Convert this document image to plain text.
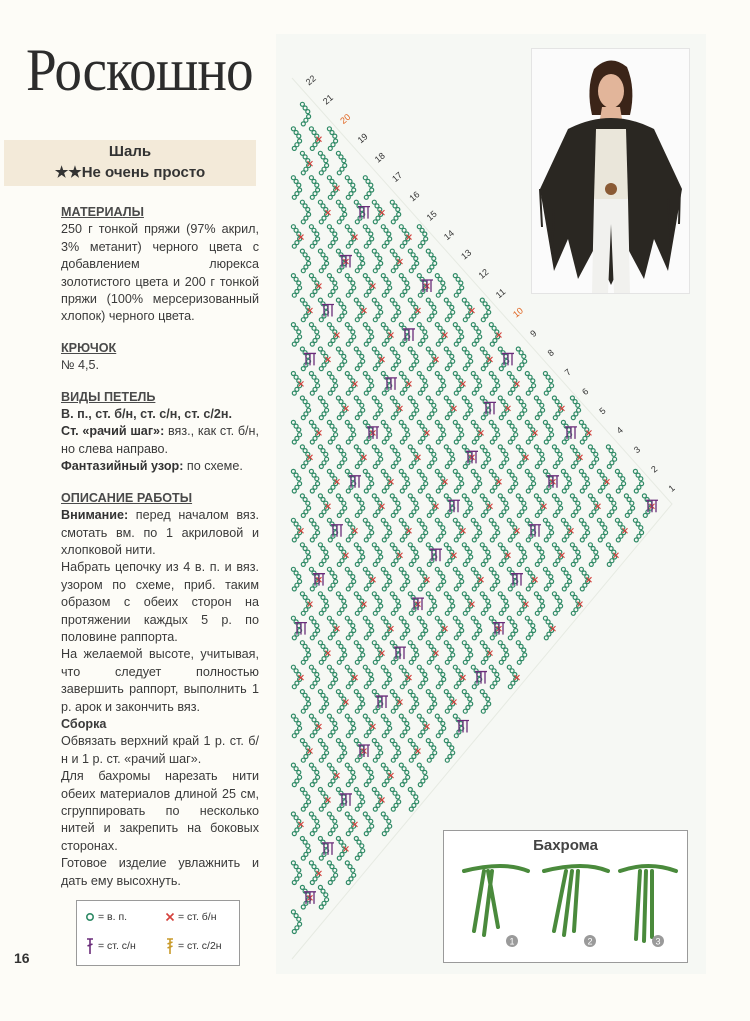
Роскошно
Шаль
★★Не очень просто

МАТЕРИАЛЫ

250 г тонкой пряжи (97% акрил, 3% метанит) черного цвета с добавлением люрекса золотистого цвета и 200 г тонкой пряжи (100% мерсеризованный хлопок) черного цвета.

КРЮЧОК

№ 4,5.

ВИДЫ ПЕТЕЛЬ

В. п., ст. б/н, ст. с/н, ст. с/2н.

Ст. «рачий шаг»: вяз., как ст. б/н, но слева направо.

Фантазийный узор: по схеме.

ОПИСАНИЕ РАБОТЫ

Внимание: перед началом вяз. смотать вм. по 1 акриловой и хлопковой нити.

Набрать цепочку из 4 в. п. и вяз. узором по схеме, приб. таким образом с обеих сторон на протяжении каждых 5 р. по половине раппорта.

На желаемой высоте, учитывая, что следует полностью завершить раппорт, выполнить 1 р. арок и закончить вяз.

Сборка

Обвязать верхний край 1 р. ст. б/н и 1 р. ст. «рачий шаг».

Для бахромы нарезать нити обеих материалов длиной 25 см, сгруппировать по несколько нитей и закрепить на боковых сторонах.

Готовое изделие увлажнить и дать ему высохнуть.

1
2
3
4
5
6
7
8
9
10
11
12
13
14
15
16
17
18
19
20
21
22
= в. п.	= ст. б/н
= ст. с/н	= ст. с/2н
Бахрома
1	2	3
16
